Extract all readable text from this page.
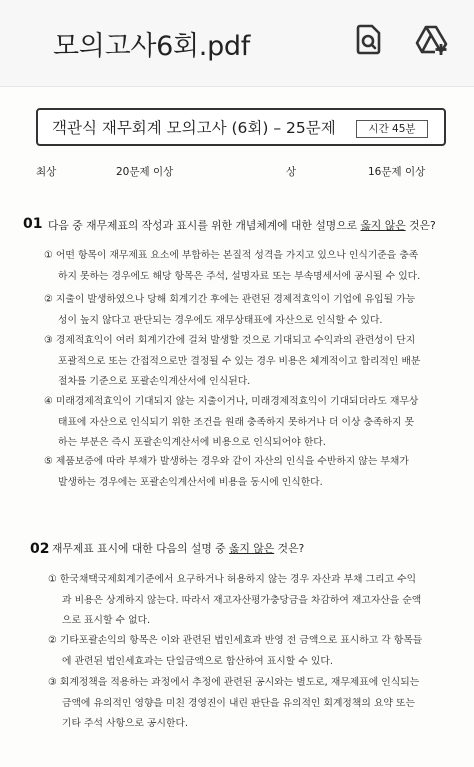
모의고사6회.pdf
객관식 재무회계 모의고사 (6회) – 25문제	시간 45분
최상	20문제 이상	상	16문제 이상
01 다음 중 재무제표의 작성과 표시를 위한 개념체계에 대한 설명으로 옳지 않은 것은?
① 어떤 항목이 재무제표 요소에 부합하는 본질적 성격을 가지고 있으나 인식기준을 충족
하지 못하는 경우에도 해당 항목은 주석, 설명자료 또는 부속명세서에 공시될 수 있다.
② 지출이 발생하였으나 당해 회계기간 후에는 관련된 경제적효익이 기업에 유입될 가능
성이 높지 않다고 판단되는 경우에도 재무상태표에 자산으로 인식할 수 있다.
③ 경제적효익이 여러 회계기간에 걸쳐 발생할 것으로 기대되고 수익과의 관련성이 단지
포괄적으로 또는 간접적으로만 결정될 수 있는 경우 비용은 체계적이고 합리적인 배분
절차를 기준으로 포괄손익계산서에 인식된다.
④ 미래경제적효익이 기대되지 않는 지출이거나, 미래경제적효익이 기대되더라도 재무상
태표에 자산으로 인식되기 위한 조건을 원래 충족하지 못하거나 더 이상 충족하지 못
하는 부분은 즉시 포괄손익계산서에 비용으로 인식되어야 한다.
⑤ 제품보증에 따라 부채가 발생하는 경우와 같이 자산의 인식을 수반하지 않는 부채가
발생하는 경우에는 포괄손익계산서에 비용을 동시에 인식한다.
02 재무제표 표시에 대한 다음의 설명 중 옳지 않은 것은?
① 한국채택국제회계기준에서 요구하거나 허용하지 않는 경우 자산과 부채 그리고 수익
과 비용은 상계하지 않는다. 따라서 재고자산평가충당금을 차감하여 재고자산을 순액
으로 표시할 수 없다.
② 기타포괄손익의 항목은 이와 관련된 법인세효과 반영 전 금액으로 표시하고 각 항목들
에 관련된 법인세효과는 단일금액으로 합산하여 표시할 수 있다.
③ 회계정책을 적용하는 과정에서 추정에 관련된 공시와는 별도로, 재무제표에 인식되는
금액에 유의적인 영향을 미친 경영진이 내린 판단을 유의적인 회계정책의 요약 또는
기타 주석 사항으로 공시한다.
